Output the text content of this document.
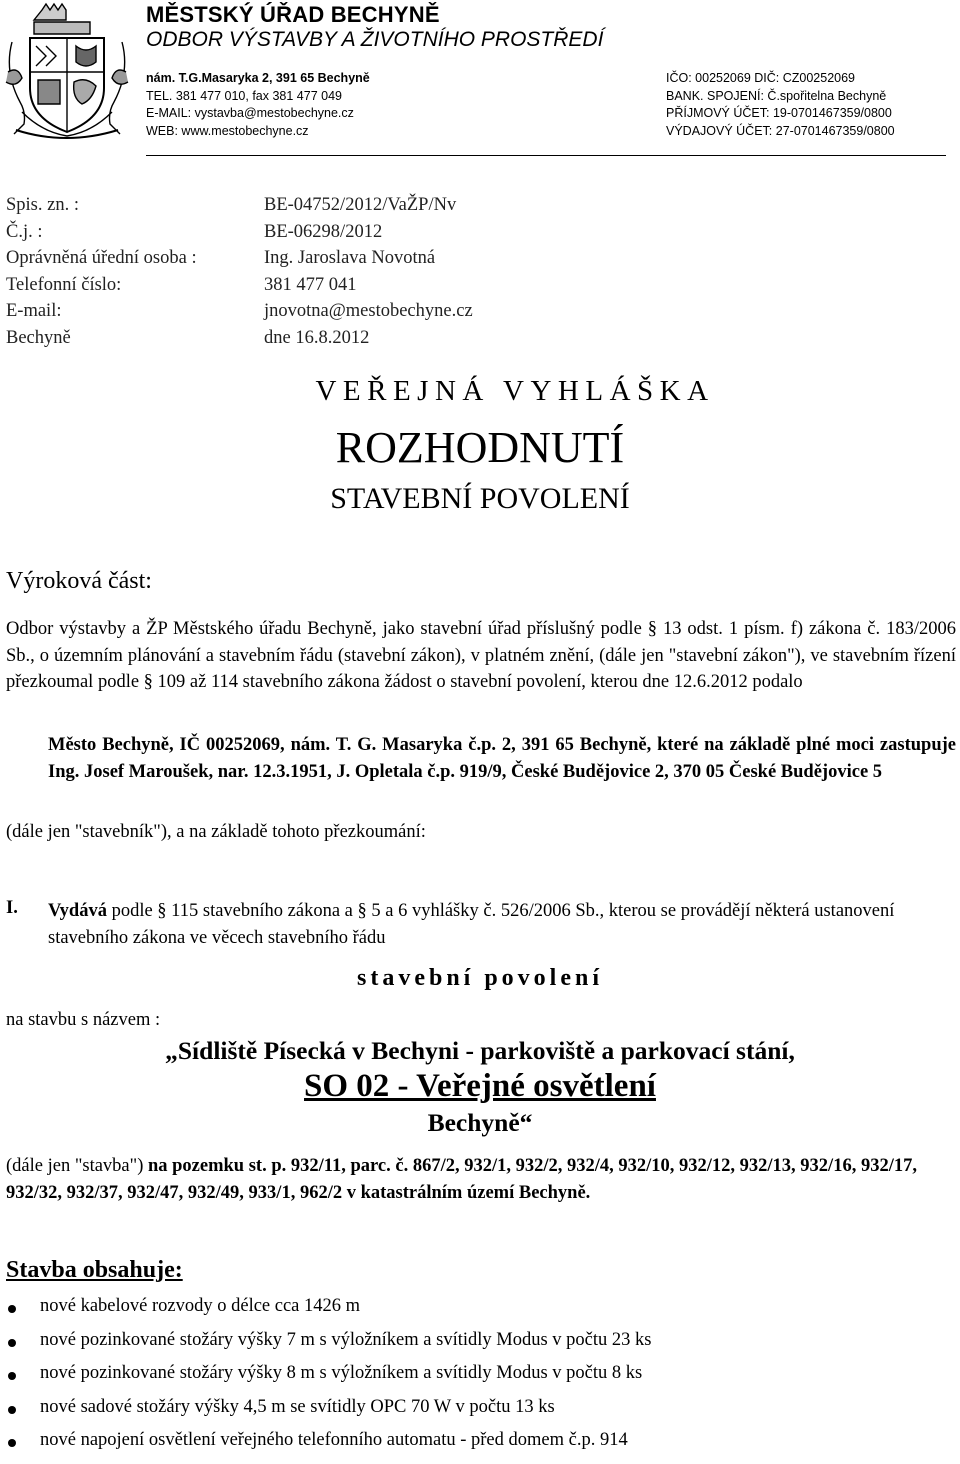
MĚSTSKÝ ÚŘAD BECHYNĚ
ODBOR VÝSTAVBY A ŽIVOTNÍHO PROSTŘEDÍ
nám. T.G.Masaryka 2, 391 65 Bechyně
TEL. 381 477 010, fax 381 477 049
E-MAIL: vystavba@mestobechyne.cz
WEB: www.mestobechyne.cz
IČO: 00252069 DIČ: CZ00252069
BANK. SPOJENÍ: Č.spořitelna Bechyně
PŘÍJMOVÝ ÚČET: 19-0701467359/0800
VÝDAJOVÝ ÚČET: 27-0701467359/0800
Spis. zn. :	BE-04752/2012/VaŽP/Nv
Č.j. :	BE-06298/2012
Oprávněná úřední osoba :	Ing. Jaroslava Novotná
Telefonní číslo:	381 477 041
E-mail:	jnovotna@mestobechyne.cz
Bechyně	dne 16.8.2012
VEŘEJNÁ VYHLÁŠKA
ROZHODNUTÍ
STAVEBNÍ POVOLENÍ
Výroková část:
Odbor výstavby a ŽP Městského úřadu Bechyně, jako stavební úřad příslušný podle § 13 odst. 1 písm. f) zákona č. 183/2006 Sb., o územním plánování a stavebním řádu (stavební zákon), v platném znění, (dále jen "stavební zákon"), ve stavebním řízení přezkoumal podle § 109 až 114 stavebního zákona žádost o stavební povolení, kterou dne 12.6.2012 podalo
Město Bechyně, IČ 00252069, nám. T. G. Masaryka č.p. 2, 391 65 Bechyně, které na základě plné moci zastupuje Ing. Josef Maroušek, nar. 12.3.1951, J. Opletala č.p. 919/9, České Budějovice 2, 370 05 České Budějovice 5
(dále jen "stavebník"), a na základě tohoto přezkoumání:
I. Vydává podle § 115 stavebního zákona a § 5 a 6 vyhlášky č. 526/2006 Sb., kterou se provádějí některá ustanovení stavebního zákona ve věcech stavebního řádu
stavební povolení
na stavbu s názvem :
„Sídliště Písecká v Bechyni - parkoviště a parkovací stání,
SO 02 - Veřejné osvětlení
Bechyně“
(dále jen "stavba") na pozemku st. p. 932/11, parc. č. 867/2, 932/1, 932/2, 932/4, 932/10, 932/12, 932/13, 932/16, 932/17, 932/32, 932/37, 932/47, 932/49, 933/1, 962/2 v katastrálním území Bechyně.
Stavba obsahuje:
nové kabelové rozvody o délce cca 1426 m
nové pozinkované stožáry výšky 7 m s výložníkem a svítidly Modus v počtu 23 ks
nové pozinkované stožáry výšky 8 m s výložníkem a svítidly Modus v počtu 8 ks
nové sadové stožáry výšky 4,5 m se svítidly OPC 70 W v počtu 13 ks
nové napojení osvětlení veřejného telefonního automatu - před domem č.p. 914
